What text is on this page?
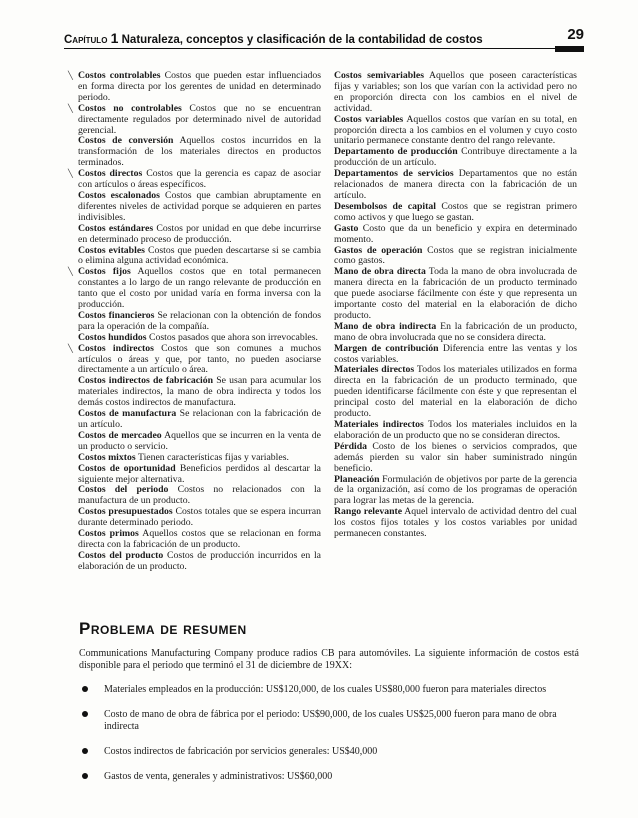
Capítulo 1 Naturaleza, conceptos y clasificación de la contabilidad de costos	29

╲ Costos controlables Costos que pueden estar influenciados en forma directa por los gerentes de unidad en determinado periodo.

╲ Costos no controlables Costos que no se encuentran directamente regulados por determinado nivel de autoridad gerencial.

Costos de conversión Aquellos costos incurridos en la transformación de los materiales directos en productos terminados.

╲ Costos directos Costos que la gerencia es capaz de asociar con artículos o áreas específicos.

Costos escalonados Costos que cambian abruptamente en diferentes niveles de actividad porque se adquieren en partes indivisibles.

Costos estándares Costos por unidad en que debe incurrirse en determinado proceso de producción.

Costos evitables Costos que pueden descartarse si se cambia o elimina alguna actividad económica.

╲ Costos fijos Aquellos costos que en total permanecen constantes a lo largo de un rango relevante de producción en tanto que el costo por unidad varía en forma inversa con la producción.

Costos financieros Se relacionan con la obtención de fondos para la operación de la compañía.

Costos hundidos Costos pasados que ahora son irrevocables.

╲ Costos indirectos Costos que son comunes a muchos artículos o áreas y que, por tanto, no pueden asociarse directamente a un artículo o área.

Costos indirectos de fabricación Se usan para acumular los materiales indirectos, la mano de obra indirecta y todos los demás costos indirectos de manufactura.

Costos de manufactura Se relacionan con la fabricación de un artículo.

Costos de mercadeo Aquellos que se incurren en la venta de un producto o servicio.

Costos mixtos Tienen características fijas y variables.

Costos de oportunidad Beneficios perdidos al descartar la siguiente mejor alternativa.

Costos del periodo Costos no relacionados con la manufactura de un producto.

Costos presupuestados Costos totales que se espera incurran durante determinado periodo.

Costos primos Aquellos costos que se relacionan en forma directa con la fabricación de un producto.

Costos del producto Costos de producción incurridos en la elaboración de un producto.

Costos semivariables Aquellos que poseen características fijas y variables; son los que varían con la actividad pero no en proporción directa con los cambios en el nivel de actividad.

Costos variables Aquellos costos que varían en su total, en proporción directa a los cambios en el volumen y cuyo costo unitario permanece constante dentro del rango relevante.

Departamento de producción Contribuye directamente a la producción de un artículo.

Departamentos de servicios Departamentos que no están relacionados de manera directa con la fabricación de un artículo.

Desembolsos de capital Costos que se registran primero como activos y que luego se gastan.

Gasto Costo que da un beneficio y expira en determinado momento.

Gastos de operación Costos que se registran inicialmente como gastos.

Mano de obra directa Toda la mano de obra involucrada de manera directa en la fabricación de un producto terminado que puede asociarse fácilmente con éste y que representa un importante costo del material en la elaboración de dicho producto.

Mano de obra indirecta En la fabricación de un producto, mano de obra involucrada que no se considera directa.

Margen de contribución Diferencia entre las ventas y los costos variables.

Materiales directos Todos los materiales utilizados en forma directa en la fabricación de un producto terminado, que pueden identificarse fácilmente con éste y que representan el principal costo del material en la elaboración de dicho producto.

Materiales indirectos Todos los materiales incluidos en la elaboración de un producto que no se consideran directos.

Pérdida Costo de los bienes o servicios comprados, que además pierden su valor sin haber suministrado ningún beneficio.

Planeación Formulación de objetivos por parte de la gerencia de la organización, así como de los programas de operación para lograr las metas de la gerencia.

Rango relevante Aquel intervalo de actividad dentro del cual los costos fijos totales y los costos variables por unidad permanecen constantes.

Problema de resumen
Communications Manufacturing Company produce radios CB para automóviles. La siguiente información de costos está disponible para el periodo que terminó el 31 de diciembre de 19XX:
Materiales empleados en la producción: US$120,000, de los cuales US$80,000 fueron para materiales directos
Costo de mano de obra de fábrica por el periodo: US$90,000, de los cuales US$25,000 fueron para mano de obra indirecta
Costos indirectos de fabricación por servicios generales: US$40,000
Gastos de venta, generales y administrativos: US$60,000
